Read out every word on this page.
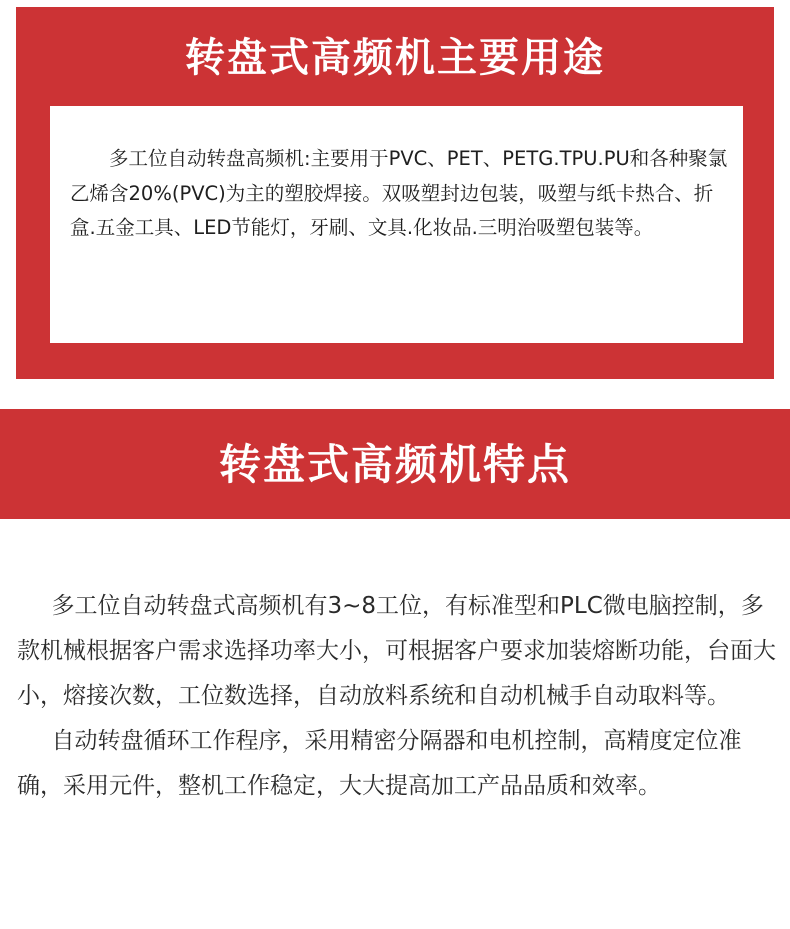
转盘式高频机主要用途

多工位自动转盘高频机:主要用于PVC、PET、PETG.TPU.PU和各种聚氯乙烯含20%(PVC)为主的塑胶焊接。双吸塑封边包装，吸塑与纸卡热合、折盒.五金工具、LED节能灯，牙刷、文具.化妆品.三明治吸塑包装等。

转盘式高频机特点

多工位自动转盘式高频机有3~8工位，有标准型和PLC微电脑控制，多款机械根据客户需求选择功率大小，可根据客户要求加装熔断功能，台面大小，熔接次数，工位数选择，自动放料系统和自动机械手自动取料等。

自动转盘循环工作程序，采用精密分隔器和电机控制，高精度定位准确，采用元件，整机工作稳定，大大提高加工产品品质和效率。
